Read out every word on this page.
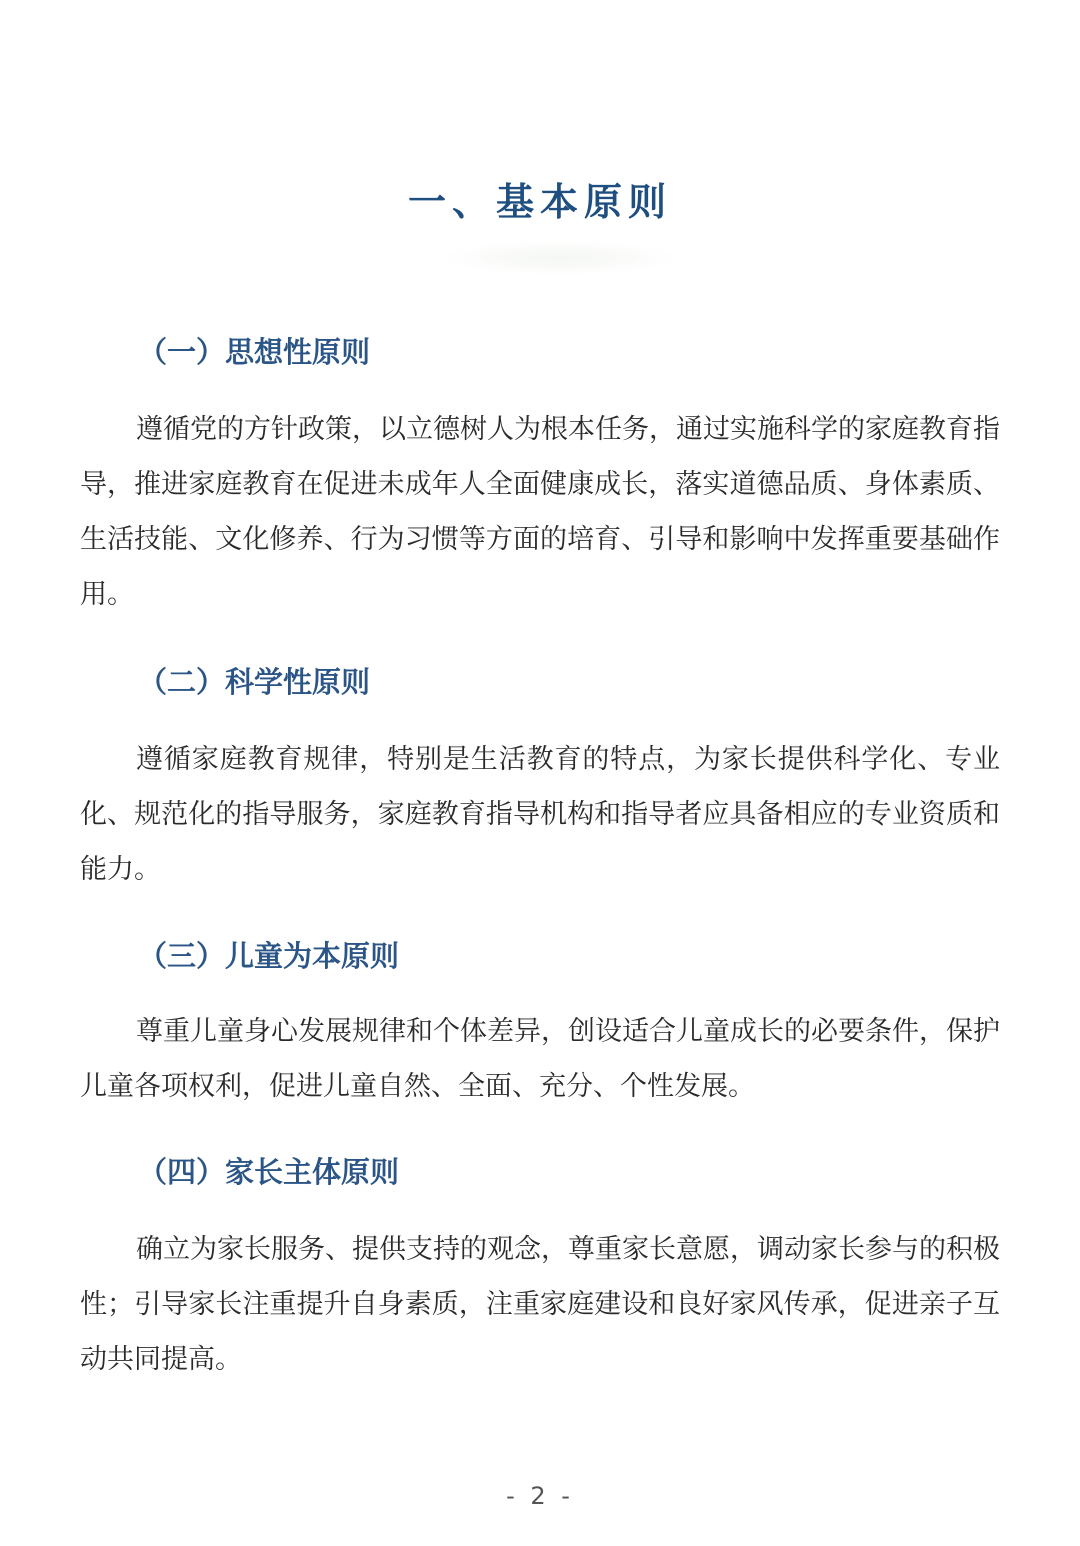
一、基本原则
（一）思想性原则

遵循党的方针政策，以立德树人为根本任务，通过实施科学的家庭教育指导，推进家庭教育在促进未成年人全面健康成长，落实道德品质、身体素质、生活技能、文化修养、行为习惯等方面的培育、引导和影响中发挥重要基础作用。

（二）科学性原则

遵循家庭教育规律，特别是生活教育的特点，为家长提供科学化、专业化、规范化的指导服务，家庭教育指导机构和指导者应具备相应的专业资质和能力。

（三）儿童为本原则

尊重儿童身心发展规律和个体差异，创设适合儿童成长的必要条件，保护儿童各项权利，促进儿童自然、全面、充分、个性发展。

（四）家长主体原则

确立为家长服务、提供支持的观念，尊重家长意愿，调动家长参与的积极性；引导家长注重提升自身素质，注重家庭建设和良好家风传承，促进亲子互动共同提高。

- 2 -
